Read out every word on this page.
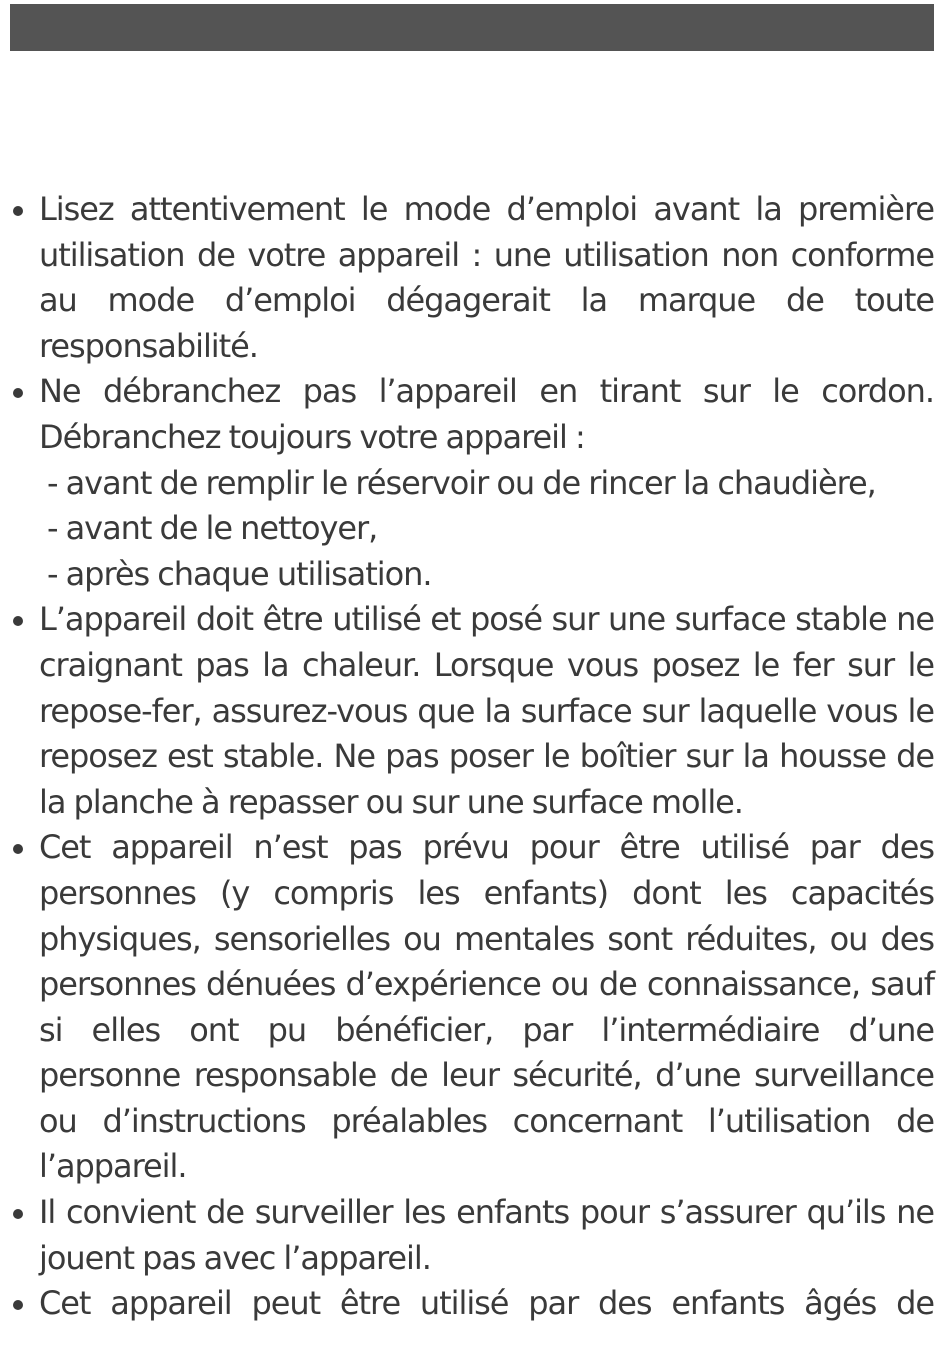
Lisez attentivement le mode d’emploi avant la première utilisation de votre appareil : une utilisation non conforme au mode d’emploi dégagerait la marque de toute responsabilité.

Ne débranchez pas l’appareil en tirant sur le cordon. Débranchez toujours votre appareil :

- avant de remplir le réservoir ou de rincer la chaudière,

- avant de le nettoyer,

- après chaque utilisation.

L’appareil doit être utilisé et posé sur une surface stable ne craignant pas la chaleur. Lorsque vous posez le fer sur le repose-fer, assurez-vous que la surface sur laquelle vous le reposez est stable. Ne pas poser le boîtier sur la housse de la planche à repasser ou sur une surface molle.

Cet appareil n’est pas prévu pour être utilisé par des personnes (y compris les enfants) dont les capacités physiques, sensorielles ou mentales sont réduites, ou des personnes dénuées d’expérience ou de connaissance, sauf si elles ont pu bénéficier, par l’intermédiaire d’une personne responsable de leur sécurité, d’une surveillance ou d’instructions préalables concernant l’utilisation de l’appareil.

Il convient de surveiller les enfants pour s’assurer qu’ils ne jouent pas avec l’appareil.

Cet appareil peut être utilisé par des enfants âgés de
